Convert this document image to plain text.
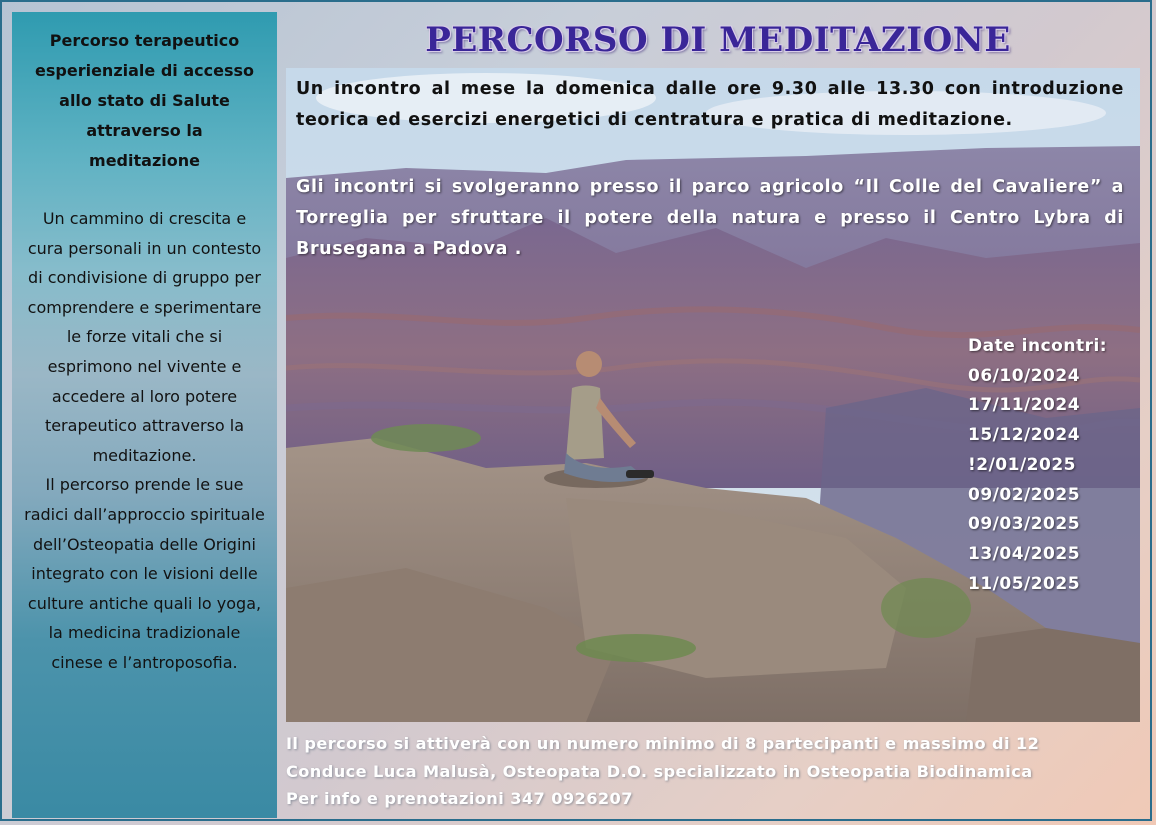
Percorso terapeutico esperienziale di accesso allo stato di Salute attraverso la meditazione
Un cammino di crescita e cura personali in un contesto di condivisione di gruppo per comprendere e sperimentare le forze vitali che si esprimono nel vivente e accedere al loro potere terapeutico attraverso la meditazione.
Il percorso prende le sue radici dall’approccio spirituale dell’Osteopatia delle Origini integrato con le visioni delle culture antiche quali lo yoga, la medicina tradizionale cinese e l’antroposofia.
PERCORSO DI MEDITAZIONE
Un incontro al mese la domenica dalle ore 9.30 alle 13.30 con introduzione teorica ed esercizi energetici di centratura e pratica di meditazione.
Gli incontri si svolgeranno presso il parco agricolo “Il Colle del Cavaliere” a Torreglia per sfruttare il potere della natura e presso il Centro Lybra di Brusegana a Padova .
Date incontri:
06/10/2024
17/11/2024
15/12/2024
!2/01/2025
09/02/2025
09/03/2025
13/04/2025
11/05/2025
Il percorso si attiverà con un numero minimo di 8 partecipanti e massimo di 12
Conduce Luca Malusà, Osteopata D.O. specializzato in Osteopatia Biodinamica
Per info e prenotazioni 347 0926207
